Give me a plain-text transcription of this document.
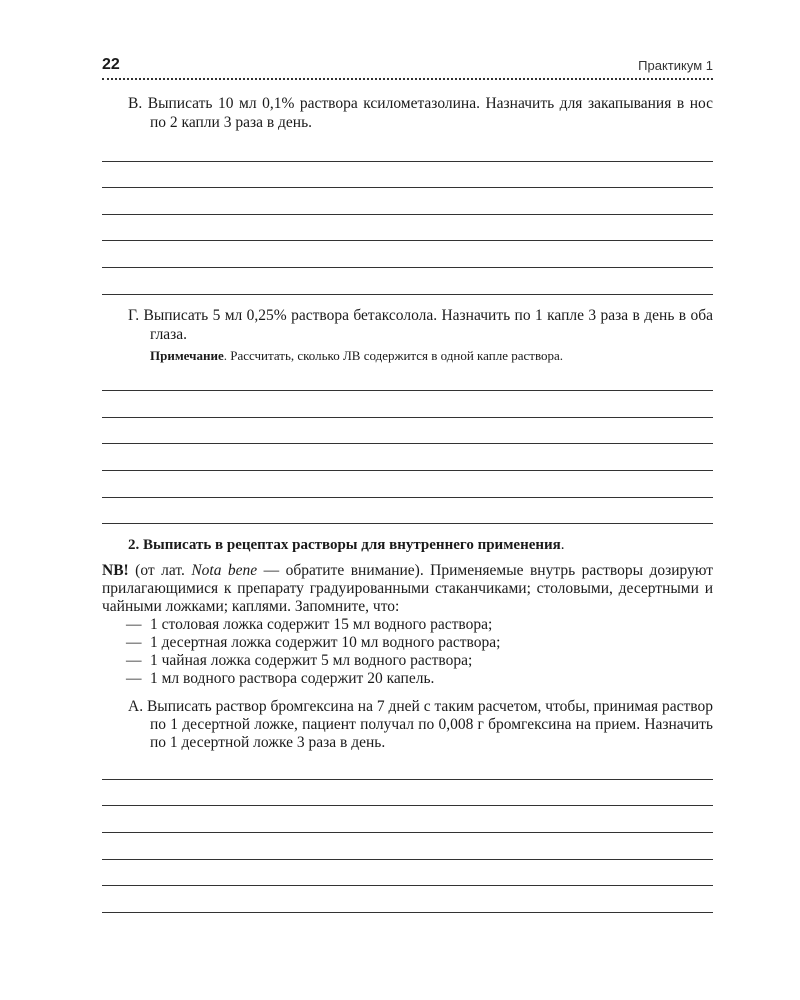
22	Практикум 1
В. Выписать 10 мл 0,1% раствора ксилометазолина. Назначить для закапывания в нос по 2 капли 3 раза в день.
Г. Выписать 5 мл 0,25% раствора бетаксолола. Назначить по 1 капле 3 раза в день в оба глаза.
Примечание. Рассчитать, сколько ЛВ содержится в одной капле раствора.
2. Выписать в рецептах растворы для внутреннего применения.
NB! (от лат. Nota bene — обратите внимание). Применяемые внутрь растворы дозируют прилагающимися к препарату градуированными стаканчиками; столовыми, десертными и чайными ложками; каплями. Запомните, что:
— 1 столовая ложка содержит 15 мл водного раствора;
— 1 десертная ложка содержит 10 мл водного раствора;
— 1 чайная ложка содержит 5 мл водного раствора;
— 1 мл водного раствора содержит 20 капель.
А. Выписать раствор бромгексина на 7 дней с таким расчетом, чтобы, принимая раствор по 1 десертной ложке, пациент получал по 0,008 г бромгексина на прием. Назначить по 1 десертной ложке 3 раза в день.
